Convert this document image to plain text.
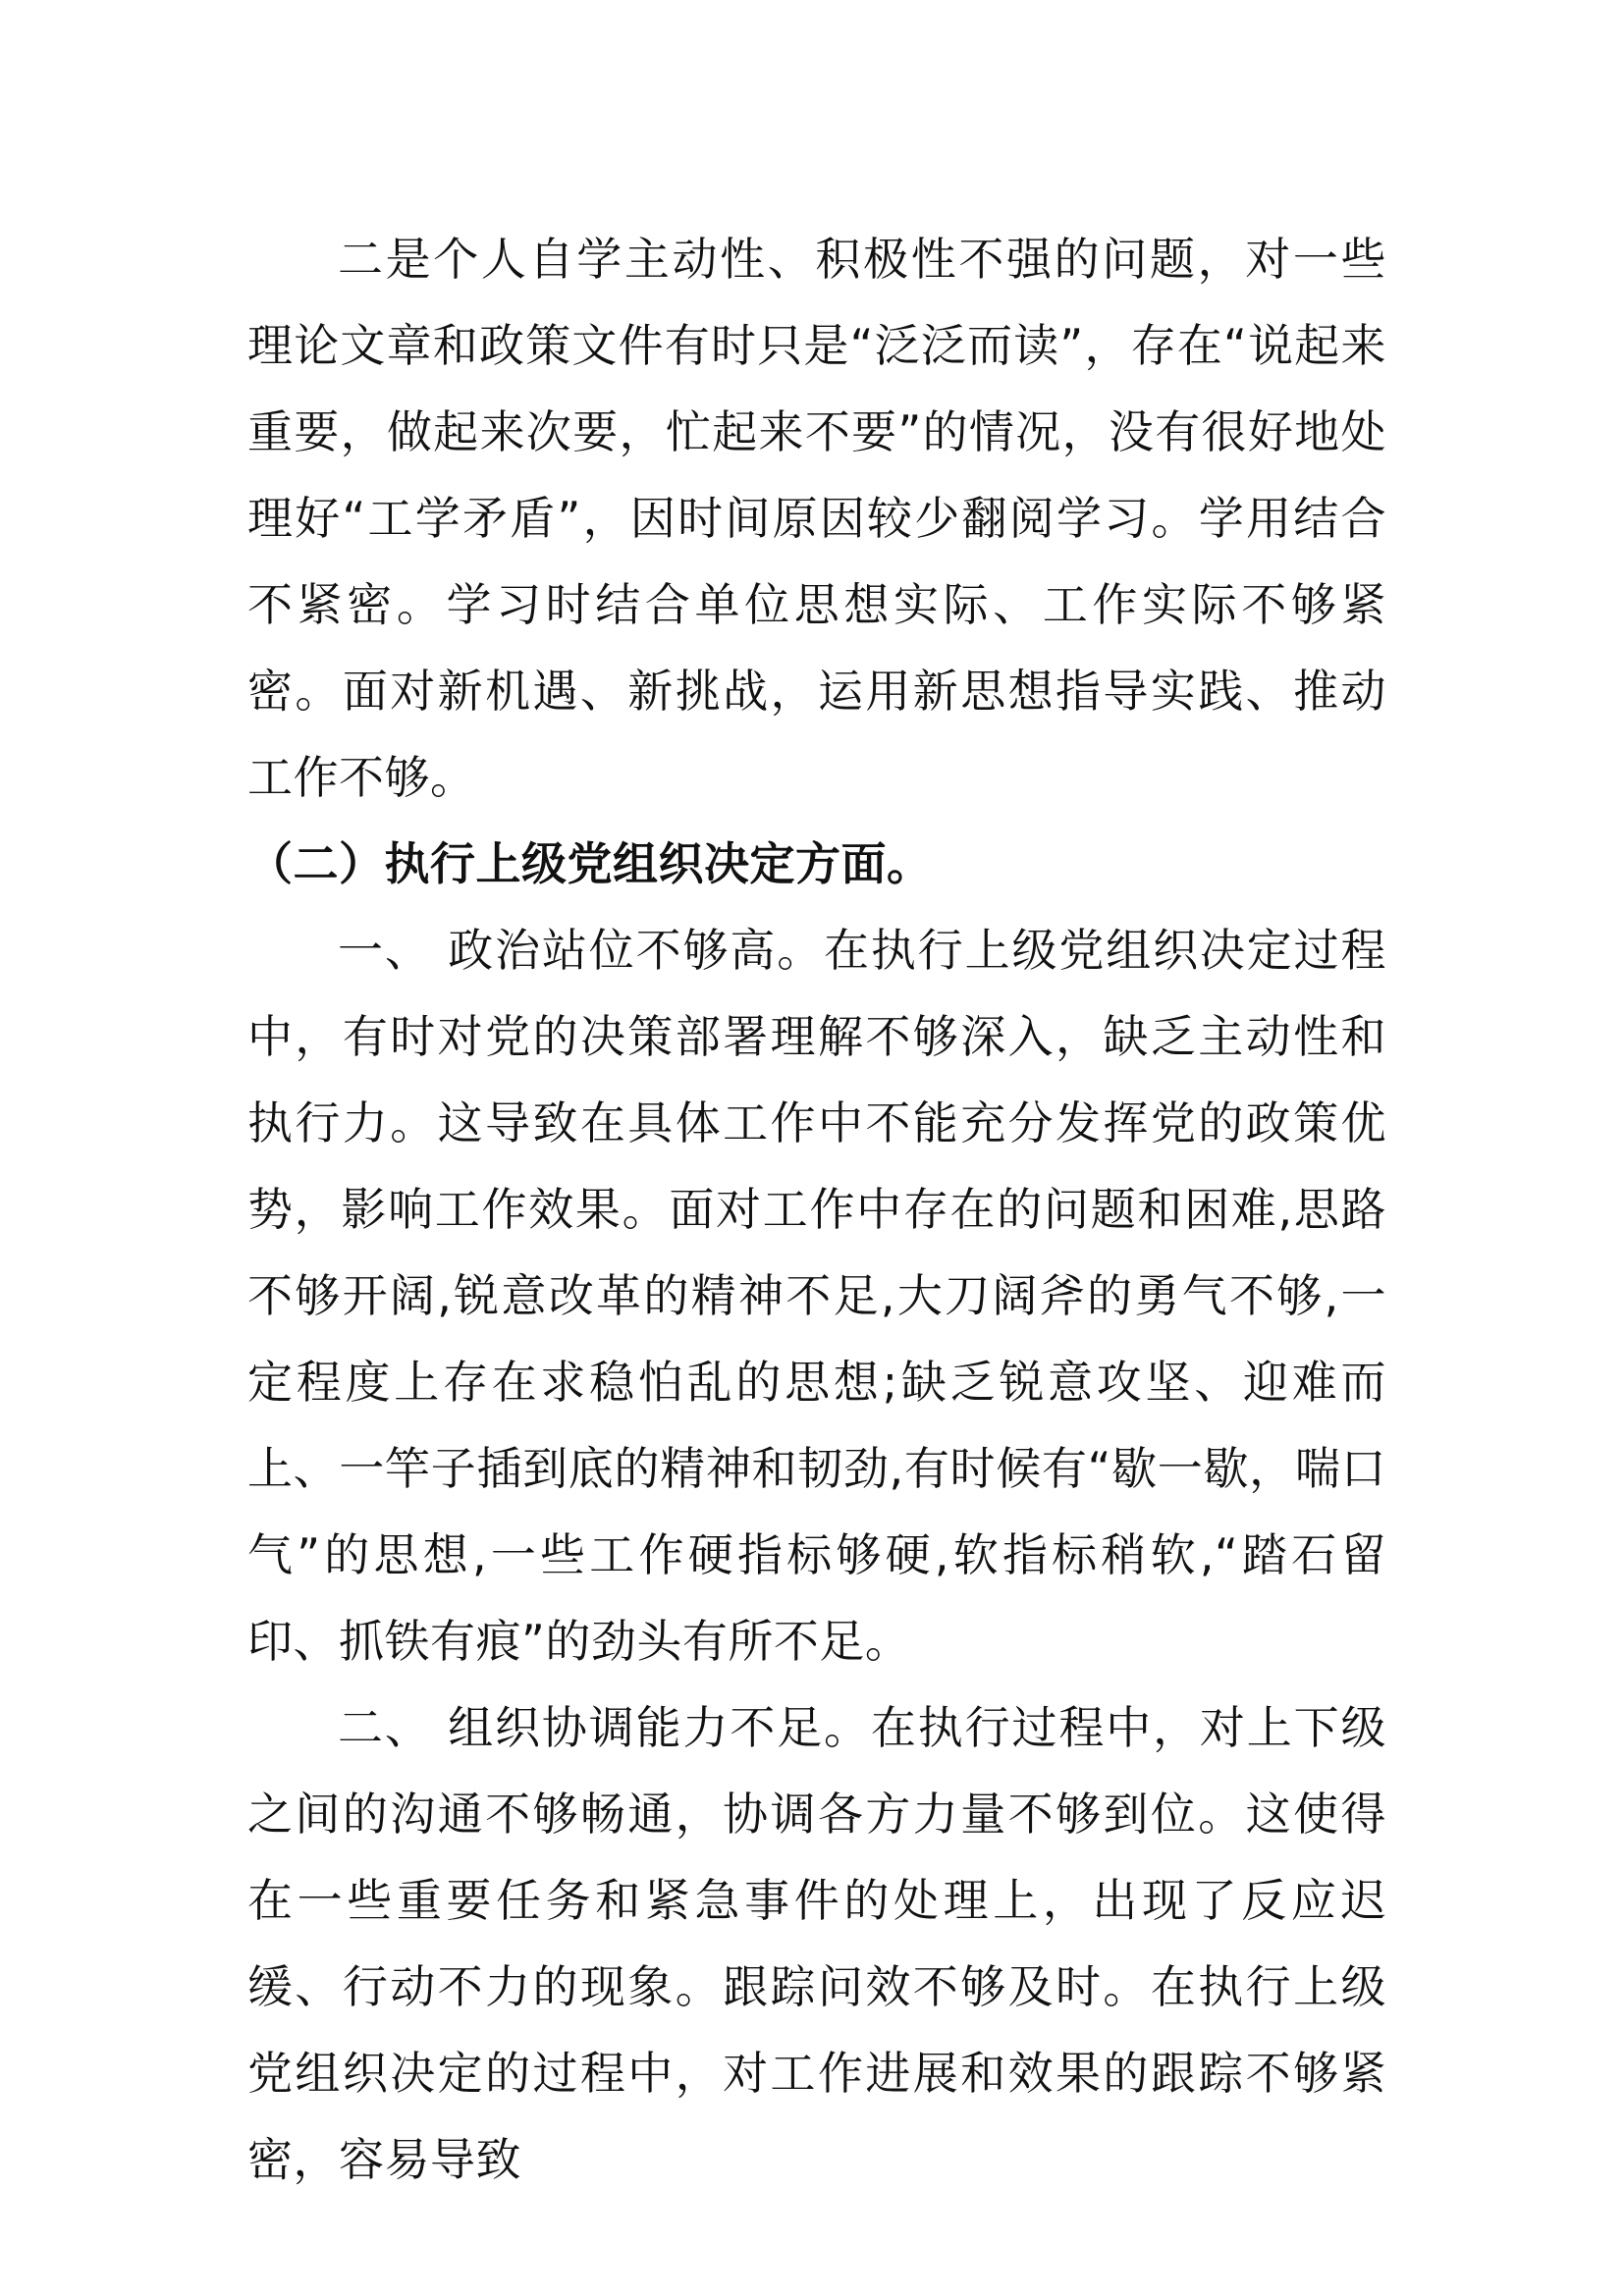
二是个人自学主动性、积极性不强的问题，对一些理论文章和政策文件有时只是“泛泛而读”，存在“说起来重要，做起来次要，忙起来不要”的情况，没有很好地处理好“工学矛盾”，因时间原因较少翻阅学习。学用结合不紧密。学习时结合单位思想实际、工作实际不够紧密。面对新机遇、新挑战，运用新思想指导实践、推动工作不够。

（二）执行上级党组织决定方面。

一、 政治站位不够高。在执行上级党组织决定过程中，有时对党的决策部署理解不够深入，缺乏主动性和执行力。这导致在具体工作中不能充分发挥党的政策优势，影响工作效果。面对工作中存在的问题和困难,思路不够开阔,锐意改革的精神不足,大刀阔斧的勇气不够,一定程度上存在求稳怕乱的思想;缺乏锐意攻坚、迎难而上、一竿子插到底的精神和韧劲,有时候有“歇一歇，喘口气”的思想,一些工作硬指标够硬,软指标稍软,“踏石留印、抓铁有痕”的劲头有所不足。

二、 组织协调能力不足。在执行过程中，对上下级之间的沟通不够畅通，协调各方力量不够到位。这使得在一些重要任务和紧急事件的处理上，出现了反应迟缓、行动不力的现象。跟踪问效不够及时。在执行上级党组织决定的过程中，对工作进展和效果的跟踪不够紧密，容易导致
